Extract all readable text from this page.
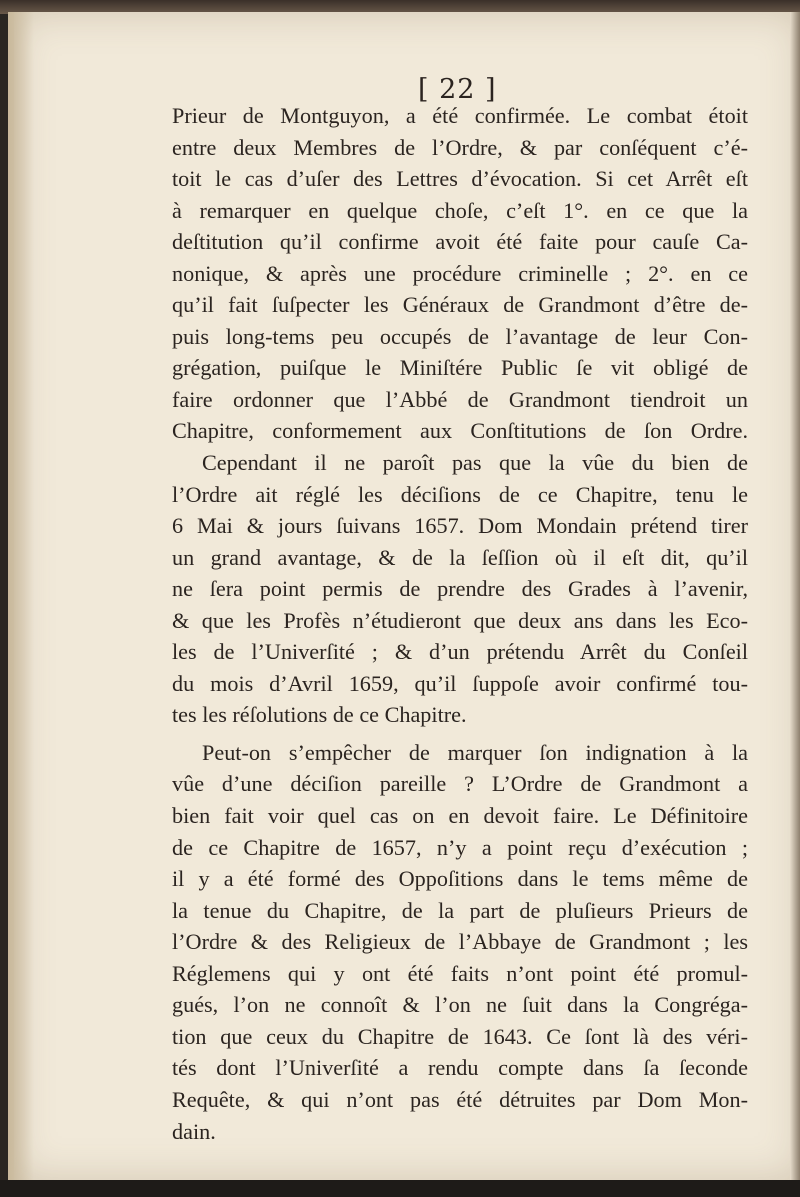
[ 22 ]
Prieur de Montguyon, a été confirmée. Le combat étoit
entre deux Membres de l’Ordre, & par conſéquent c’é-
toit le cas d’uſer des Lettres d’évocation. Si cet Arrêt eſt
à remarquer en quelque choſe, c’eſt 1°. en ce que la
deſtitution qu’il confirme avoit été faite pour cauſe Ca-
nonique, & après une procédure criminelle ; 2°. en ce
qu’il fait ſuſpecter les Généraux de Grandmont d’être de-
puis long-tems peu occupés de l’avantage de leur Con-
grégation, puiſque le Miniſtére Public ſe vit obligé de
faire ordonner que l’Abbé de Grandmont tiendroit un
Chapitre, conformement aux Conſtitutions de ſon Ordre.
Cependant il ne paroît pas que la vûe du bien de
l’Ordre ait réglé les déciſions de ce Chapitre, tenu le
6 Mai & jours ſuivans 1657. Dom Mondain prétend tirer
un grand avantage, & de la ſeſſion où il eſt dit, qu’il
ne ſera point permis de prendre des Grades à l’avenir,
& que les Profès n’étudieront que deux ans dans les Eco-
les de l’Univerſité ; & d’un prétendu Arrêt du Conſeil
du mois d’Avril 1659, qu’il ſuppoſe avoir confirmé tou-
tes les réſolutions de ce Chapitre.
Peut-on s’empêcher de marquer ſon indignation à la
vûe d’une déciſion pareille ? L’Ordre de Grandmont a
bien fait voir quel cas on en devoit faire. Le Définitoire
de ce Chapitre de 1657, n’y a point reçu d’exécution ;
il y a été formé des Oppoſitions dans le tems même de
la tenue du Chapitre, de la part de pluſieurs Prieurs de
l’Ordre & des Religieux de l’Abbaye de Grandmont ; les
Réglemens qui y ont été faits n’ont point été promul-
gués, l’on ne connoît & l’on ne ſuit dans la Congréga-
tion que ceux du Chapitre de 1643. Ce ſont là des véri-
tés dont l’Univerſité a rendu compte dans ſa ſeconde
Requête, & qui n’ont pas été détruites par Dom Mon-
dain.
